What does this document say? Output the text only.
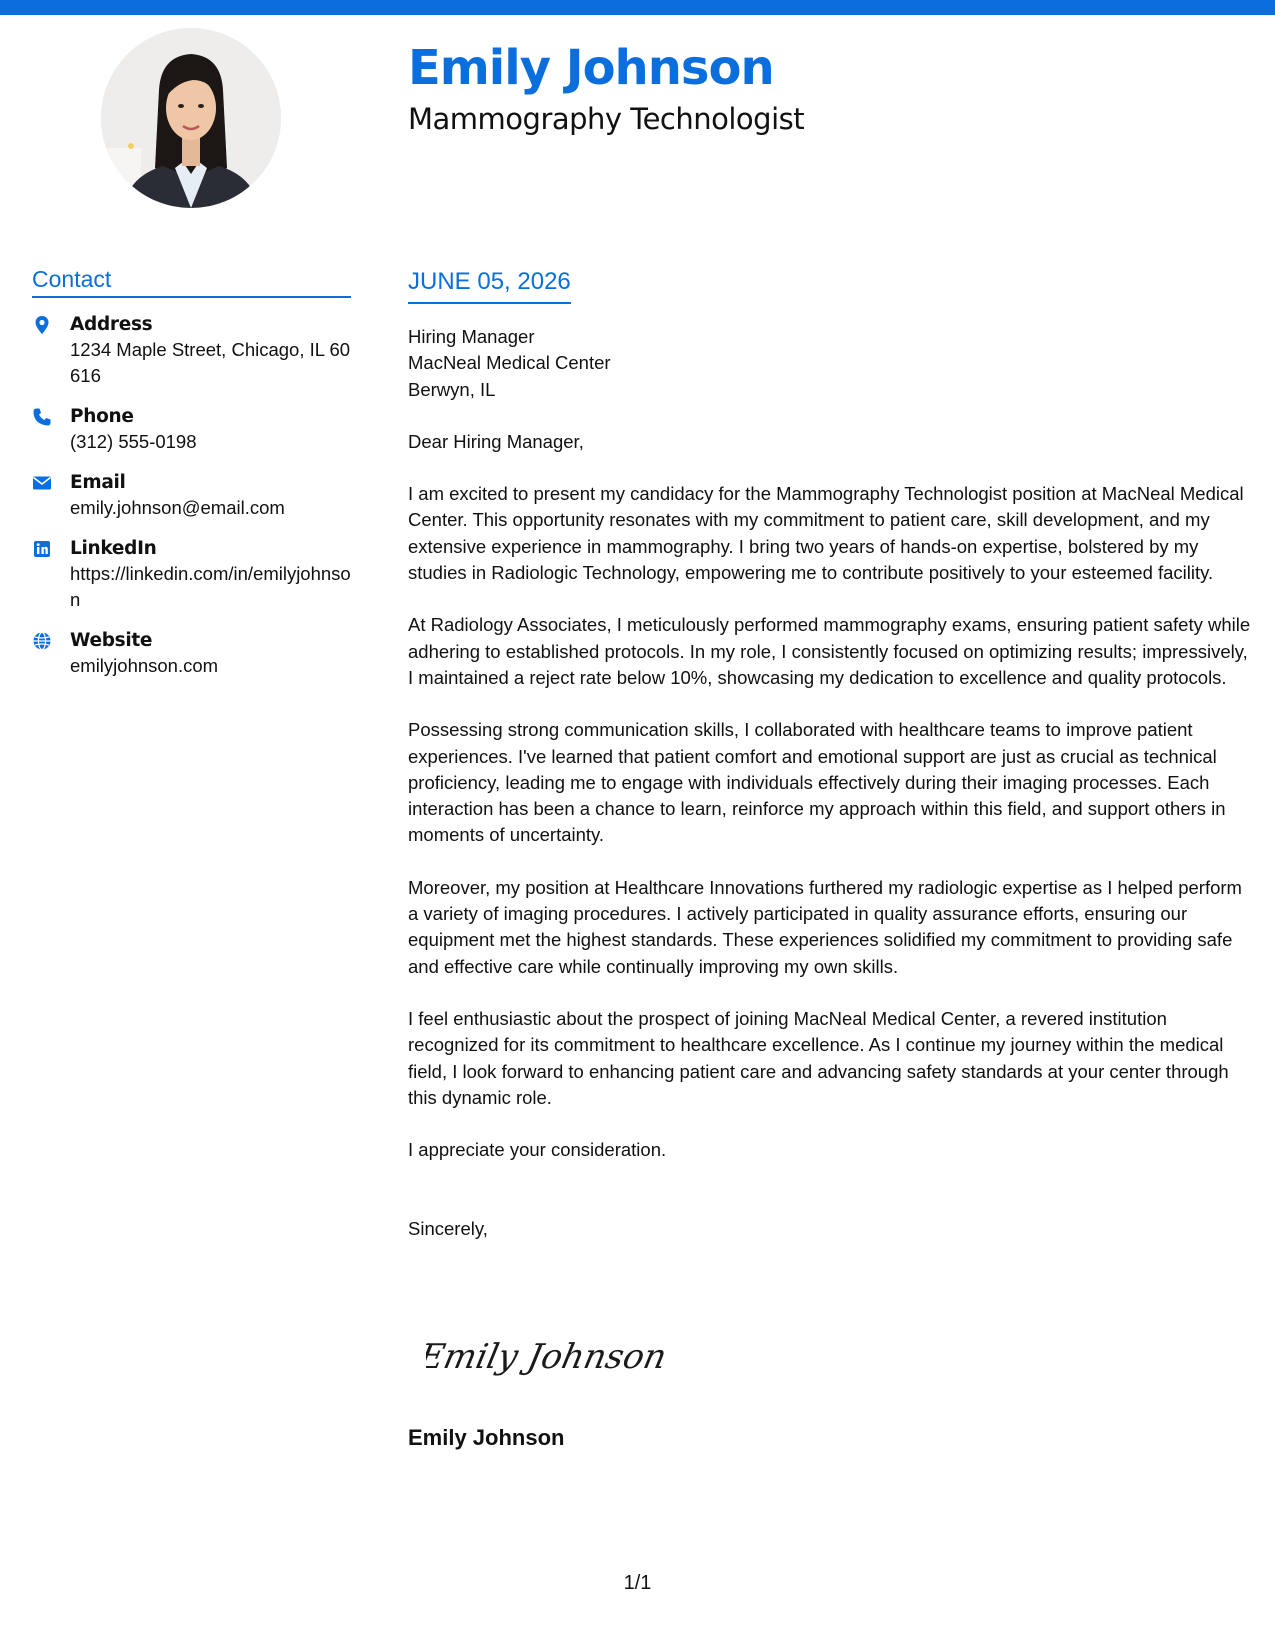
Emily Johnson
Mammography Technologist
Contact
Address
1234 Maple Street, Chicago, IL 60616
Phone
(312) 555-0198
Email
emily.johnson@email.com
LinkedIn
https://linkedin.com/in/emilyjohnson
Website
emilyjohnson.com
JUNE 05, 2026
Hiring Manager
MacNeal Medical Center
Berwyn, IL
Dear Hiring Manager,

I am excited to present my candidacy for the Mammography Technologist position at MacNeal Medical Center. This opportunity resonates with my commitment to patient care, skill development, and my extensive experience in mammography. I bring two years of hands-on expertise, bolstered by my studies in Radiologic Technology, empowering me to contribute positively to your esteemed facility.

At Radiology Associates, I meticulously performed mammography exams, ensuring patient safety while adhering to established protocols. In my role, I consistently focused on optimizing results; impressively, I maintained a reject rate below 10%, showcasing my dedication to excellence and quality protocols.

Possessing strong communication skills, I collaborated with healthcare teams to improve patient experiences. I've learned that patient comfort and emotional support are just as crucial as technical proficiency, leading me to engage with individuals effectively during their imaging processes. Each interaction has been a chance to learn, reinforce my approach within this field, and support others in moments of uncertainty.

Moreover, my position at Healthcare Innovations furthered my radiologic expertise as I helped perform a variety of imaging procedures. I actively participated in quality assurance efforts, ensuring our equipment met the highest standards. These experiences solidified my commitment to providing safe and effective care while continually improving my own skills.

I feel enthusiastic about the prospect of joining MacNeal Medical Center, a revered institution recognized for its commitment to healthcare excellence. As I continue my journey within the medical field, I look forward to enhancing patient care and advancing safety standards at your center through this dynamic role.

I appreciate your consideration.

Sincerely,
Emily Johnson
Emily Johnson
1/1
